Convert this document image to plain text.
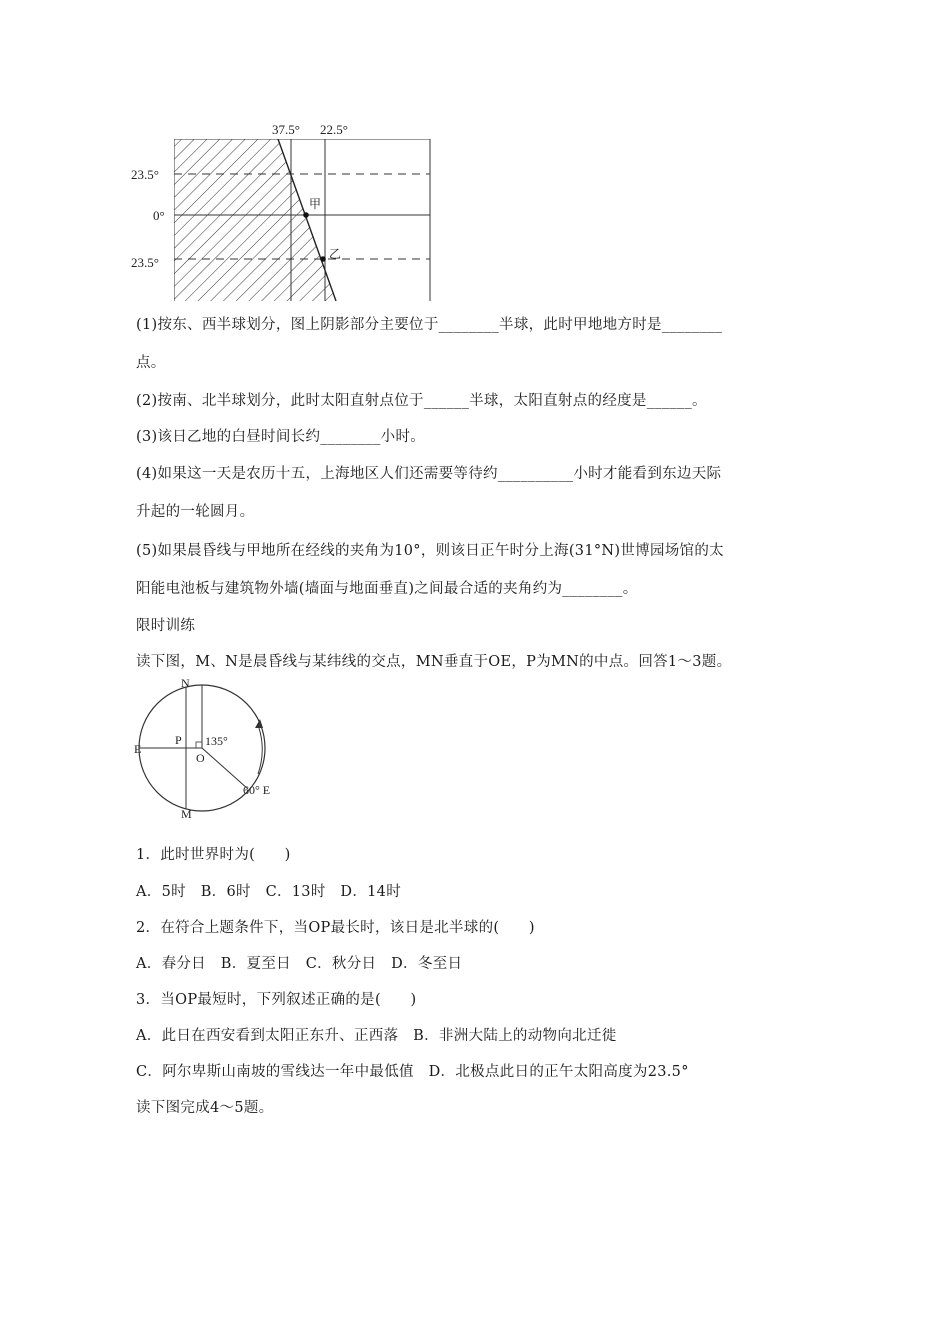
37.5° 22.5°
23.5°
0°
23.5°
甲
乙
(1)按东、西半球划分，图上阴影部分主要位于________半球，此时甲地地方时是________
点。
(2)按南、北半球划分，此时太阳直射点位于______半球，太阳直射点的经度是______。
(3)该日乙地的白昼时间长约________小时。
(4)如果这一天是农历十五，上海地区人们还需要等待约__________小时才能看到东边天际
升起的一轮圆月。
(5)如果晨昏线与甲地所在经线的夹角为10°，则该日正午时分上海(31°N)世博园场馆的太
阳能电池板与建筑物外墙(墙面与地面垂直)之间最合适的夹角约为________。
限时训练
读下图，M、N是晨昏线与某纬线的交点，MN垂直于OE，P为MN的中点。回答1～3题。
N
E
P
O
M
135°
60° E
1．此时世界时为(　　)
A．5时　B．6时　C．13时　D．14时
2．在符合上题条件下，当OP最长时，该日是北半球的(　　)
A．春分日　B．夏至日　C．秋分日　D．冬至日
3．当OP最短时，下列叙述正确的是(　　)
A．此日在西安看到太阳正东升、正西落　B．非洲大陆上的动物向北迁徙
C．阿尔卑斯山南坡的雪线达一年中最低值　D．北极点此日的正午太阳高度为23.5°
读下图完成4～5题。
